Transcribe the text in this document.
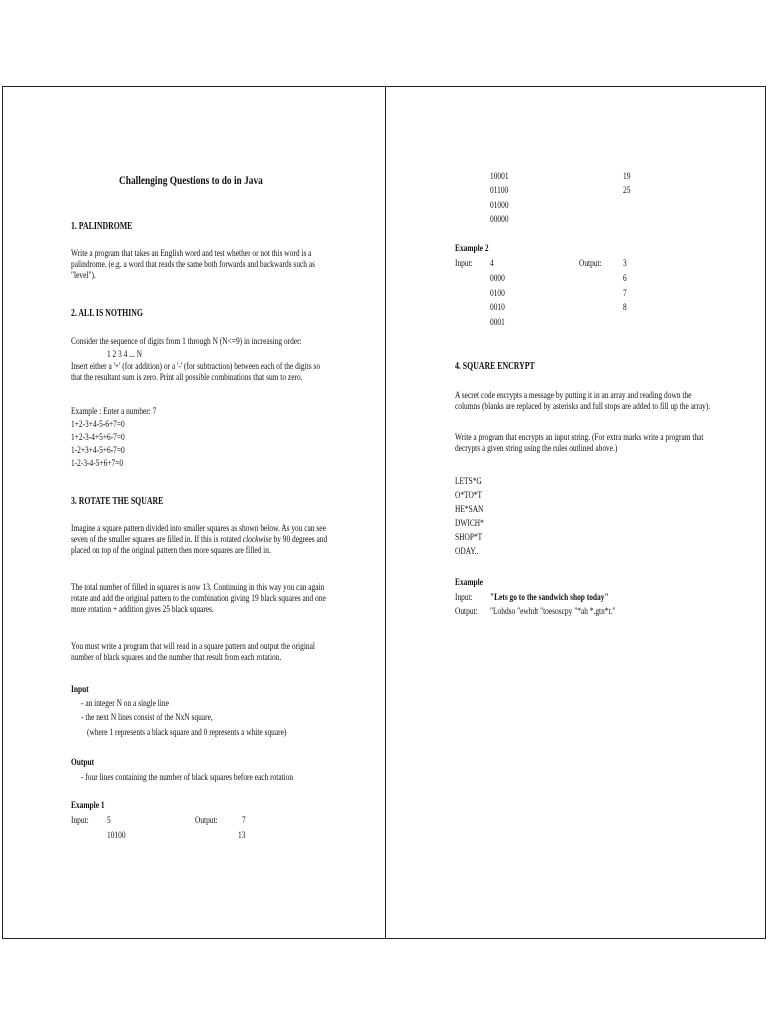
Challenging Questions to do in Java
1. PALINDROME
Write a program that takes an English word and test whether or not this word is a palindrome. (e.g. a word that reads the same both forwards and backwards such as "level").
2. ALL IS NOTHING
Consider the sequence of digits from 1 through N (N<=9) in increasing order:
1 2 3 4 ... N
Insert either a '+' (for addition) or a '-' (for subtraction) between each of the digits so that the resultant sum is zero. Print all possible combinations that sum to zero.
Example : Enter a number: 7
1+2-3+4-5-6+7=0
1+2-3-4+5+6-7=0
1-2+3+4-5+6-7=0
1-2-3-4-5+6+7=0
3. ROTATE THE SQUARE
Imagine a square pattern divided into smaller squares as shown below. As you can see seven of the smaller squares are filled in. If this is rotated clockwise by 90 degrees and placed on top of the original pattern then more squares are filled in.
The total number of filled in squares is now 13. Continuing in this way you can again rotate and add the original pattern to the combination giving 19 black squares and one more rotation + addition gives 25 black squares.
You must write a program that will read in a square pattern and output the original number of black squares and the number that result from each rotation.
Input
- an integer N on a single line
- the next N lines consist of the NxN square,
(where 1 represents a black square and 0 represents a white square)
Output
- four lines containing the number of black squares before each rotation
Example 1
Input: 5	Output:	7
10100	13
10001	19
01100	25
01000
00000
Example 2
Input: 4	Output: 3
0000	6
0100	7
0010	8
0001
4. SQUARE ENCRYPT
A secret code encrypts a message by putting it in an array and reading down the columns (blanks are replaced by asterisks and full stops are added to fill up the array).
Write a program that encrypts an input string. (For extra marks write a program that decrypts a given string using the rules outlined above.)
LETS*G
O*TO*T
HE*SAN
DWICH*
SHOP*T
ODAY..
Example
Input: "Lets go to the sandwich shop today"
Output: "Lohdso "ewhdt "toesoscpy "*ah *.gtn*t."
